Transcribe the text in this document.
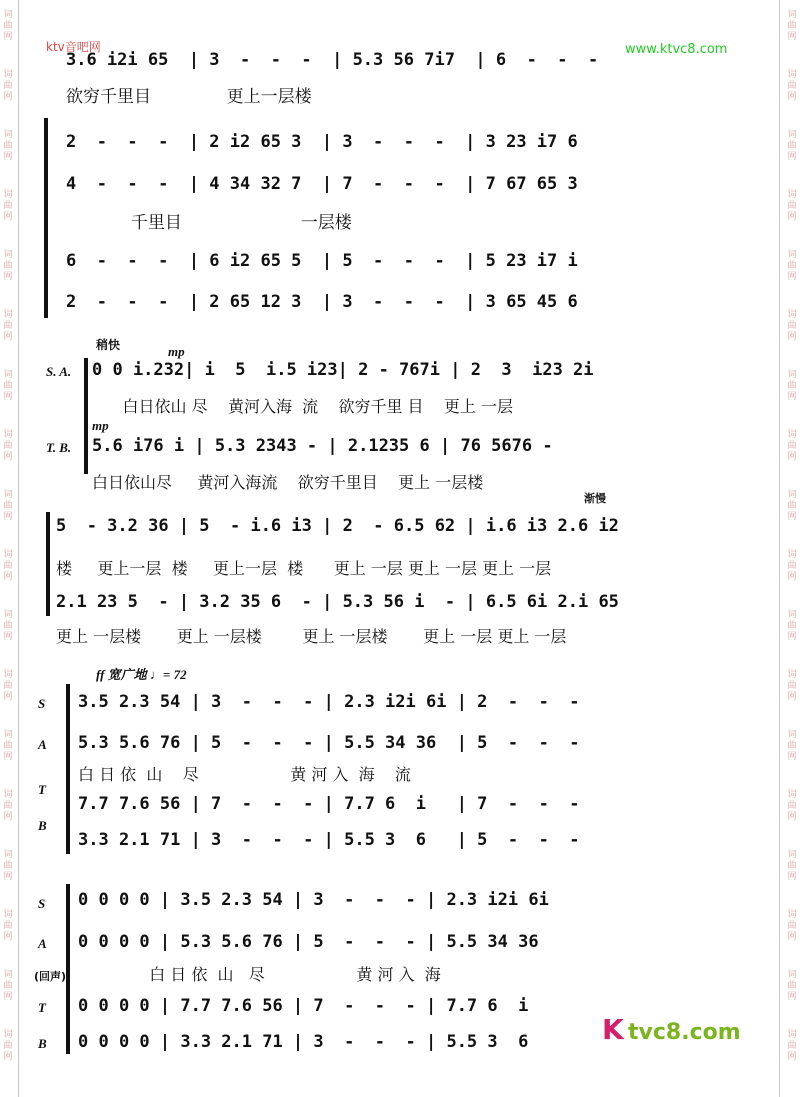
词
曲
网
词
曲
网
词
曲
网
词
曲
网
词
曲
网
词
曲
网
词
曲
网
词
曲
网
词
曲
网
词
曲
网
词
曲
网
词
曲
网
词
曲
网
词
曲
网
词
曲
网
词
曲
网
词
曲
网
词
曲
网
词
曲
网
词
曲
网
词
曲
网
词
曲
网
词
曲
网
词
曲
网
词
曲
网
词
曲
网
词
曲
网
词
曲
网
词
曲
网
词
曲
网
词
曲
网
词
曲
网
词
曲
网
词
曲
网
词
曲
网
词
曲
网
ktv音吧网	www.ktvc8.com
3.6 i2i 65  | 3  -  -  -  | 5.3 56 7i7  | 6  -  -  -
欲穷千里目              更上一层楼
2  -  -  -  | 2 i2 65 3  | 3  -  -  -  | 3 23 i7 6
4  -  -  -  | 4 34 32 7  | 7  -  -  -  | 7 67 65 3
千里目                      一层楼
6  -  -  -  | 6 i2 65 5  | 5  -  -  -  | 5 23 i7 i
2  -  -  -  | 2 65 12 3  | 3  -  -  -  | 3 65 45 6
稍快	mp
S. A. 0 0 i.232| i  5  i.5 i23| 2 - 767i | 2  3  i23 2i
白日依山 尽    黄河入海  流    欲穷千里 目    更上 一层
mp
T. B. 5.6 i76 i | 5.3 2343 - | 2.1235 6 | 76 5676 -
白日依山尽     黄河入海流    欲穷千里目    更上 一层楼
渐慢
5  - 3.2 36 | 5  - i.6 i3 | 2  - 6.5 62 | i.6 i3 2.6 i2
楼     更上一层  楼     更上一层  楼      更上 一层 更上 一层 更上 一层
2.1 23 5  - | 3.2 35 6  - | 5.3 56 i  - | 6.5 6i 2.i 65
更上 一层楼       更上 一层楼        更上 一层楼       更上 一层 更上 一层
ff 宽广地 ♩= 72
S 3.5 2.3 54 | 3  -  -  - | 2.3 i2i 6i | 2  -  -  -
A 5.3 5.6 76 | 5  -  -  - | 5.5 34 36  | 5  -  -  -
白 日 依  山    尽                  黄 河 入  海    流
T
7.7 7.6 56 | 7  -  -  - | 7.7 6  i   | 7  -  -  -
B
3.3 2.1 71 | 3  -  -  - | 5.5 3  6   | 5  -  -  -
S 0 0 0 0 | 3.5 2.3 54 | 3  -  -  - | 2.3 i2i 6i
A 0 0 0 0 | 5.3 5.6 76 | 5  -  -  - | 5.5 34 36
(回声) 白 日 依  山   尽                  黄 河 入  海
T 0 0 0 0 | 7.7 7.6 56 | 7  -  -  - | 7.7 6  i
B 0 0 0 0 | 3.3 2.1 71 | 3  -  -  - | 5.5 3  6	K tvc8.com
